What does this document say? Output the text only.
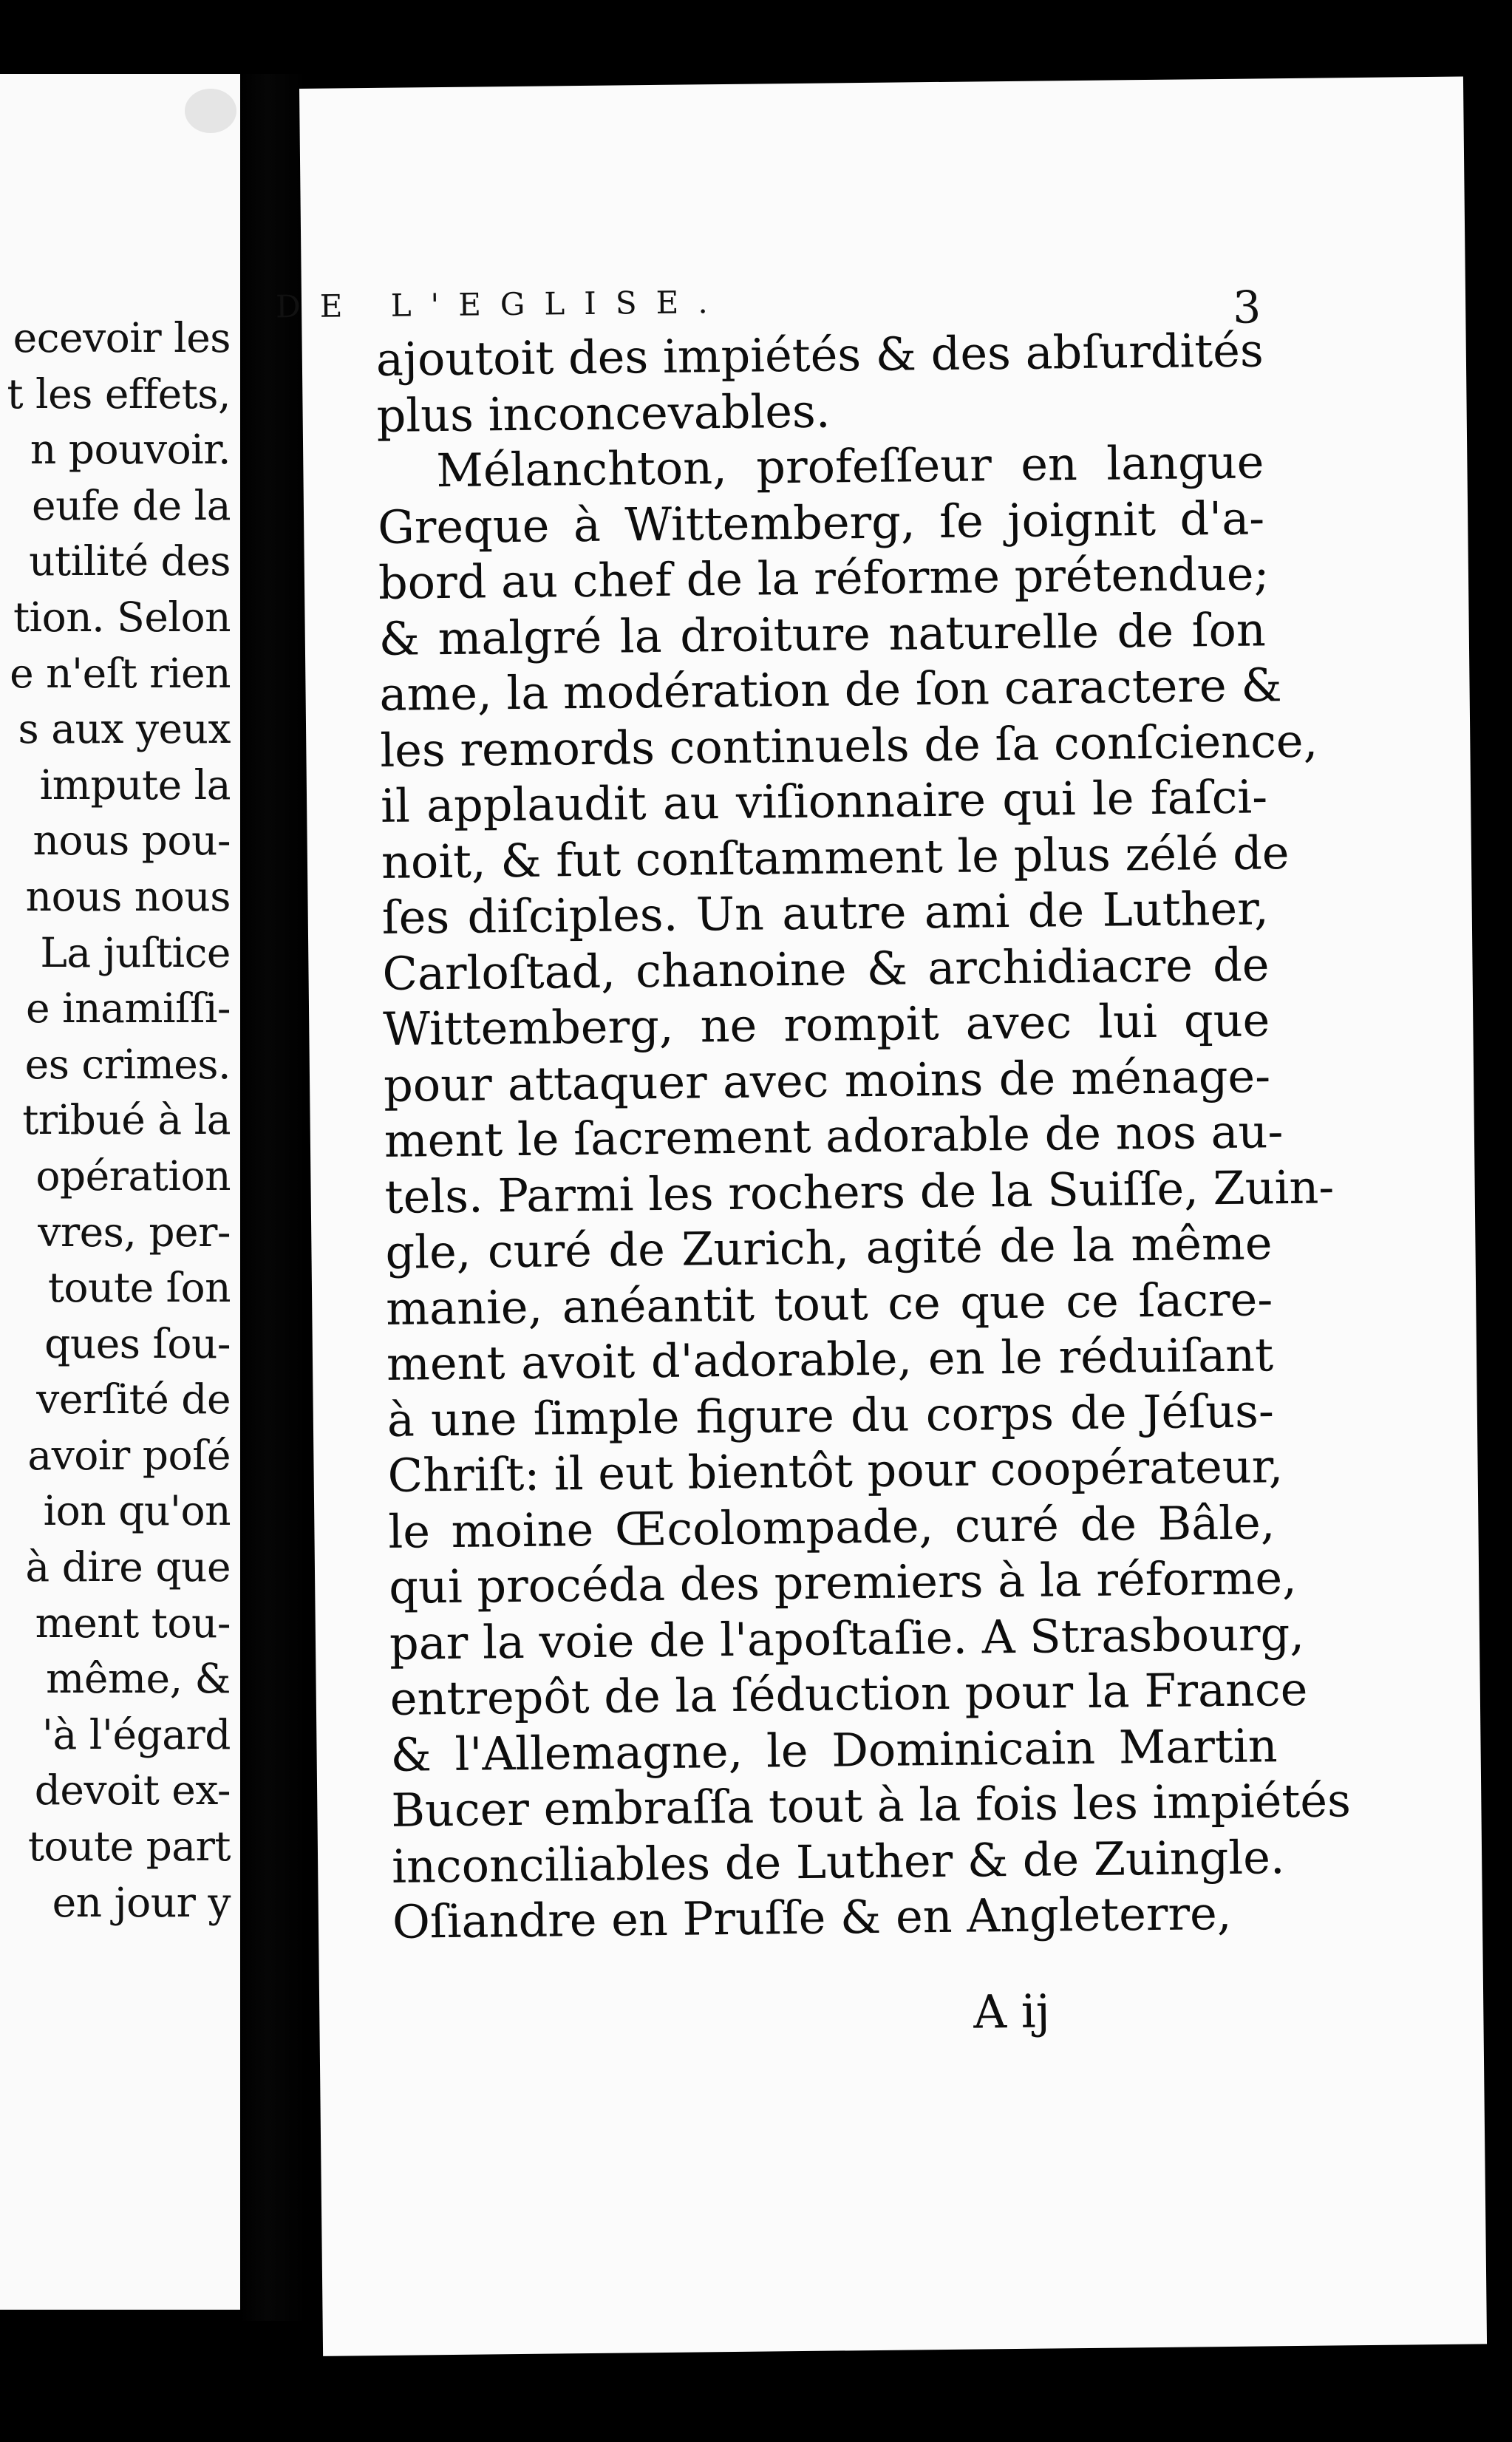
ecevoir les
t les effets,
n pouvoir.
eufe de la
utilité des
tion. Selon
e n'eſt rien
s aux yeux
impute la
nous pou-
nous nous
La juſtice
e inamiſſi-
es crimes.
tribué à la
opération
vres, per-
toute ſon
ques ſou-
verſité de
avoir poſé
ion qu'on
à dire que
ment tou-
même, &
'à l'égard
devoit ex-
toute part
en jour y
DE L'EGLISE.	3
ajoutoit des impiétés & des abſurdités
plus inconcevables.
Mélanchton, profeſſeur en langue
Greque à Wittemberg, ſe joignit d'a-
bord au chef de la réforme prétendue;
& malgré la droiture naturelle de ſon
ame, la modération de ſon caractere &
les remords continuels de ſa conſcience,
il applaudit au viſionnaire qui le faſci-
noit, & fut conſtamment le plus zélé de
ſes diſciples. Un autre ami de Luther,
Carloſtad, chanoine & archidiacre de
Wittemberg, ne rompit avec lui que
pour attaquer avec moins de ménage-
ment le ſacrement adorable de nos au-
tels. Parmi les rochers de la Suiſſe, Zuin-
gle, curé de Zurich, agité de la même
manie, anéantit tout ce que ce ſacre-
ment avoit d'adorable, en le réduiſant
à une ſimple figure du corps de Jéſus-
Chriſt: il eut bientôt pour coopérateur,
le moine Œcolompade, curé de Bâle,
qui procéda des premiers à la réforme,
par la voie de l'apoſtaſie. A Strasbourg,
entrepôt de la ſéduction pour la France
& l'Allemagne, le Dominicain Martin
Bucer embraſſa tout à la fois les impiétés
inconciliables de Luther & de Zuingle.
Oſiandre en Pruſſe & en Angleterre,
A ij
